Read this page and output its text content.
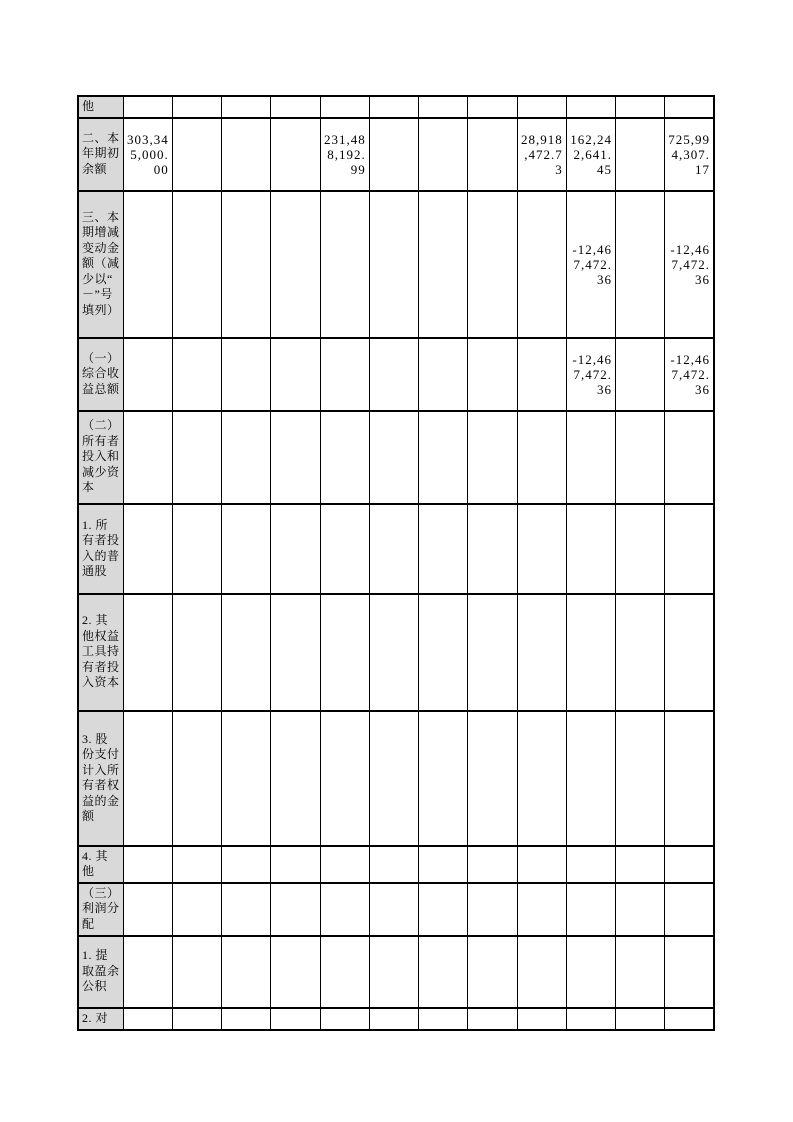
他												
二、本年期初余额	303,345,000.00				231,488,192.99				28,918,472.73	162,242,641.45		725,994,307.17
三、本期增减变动金额（减少以“－”号填列）										-12,467,472.36		-12,467,472.36
（一）综合收益总额										-12,467,472.36		-12,467,472.36
（二）所有者投入和减少资本												
1. 所有者投入的普通股												
2. 其他权益工具持有者投入资本												
3. 股份支付计入所有者权益的金额												
4. 其他												
（三）利润分配												
1. 提取盈余公积												
2. 对												
